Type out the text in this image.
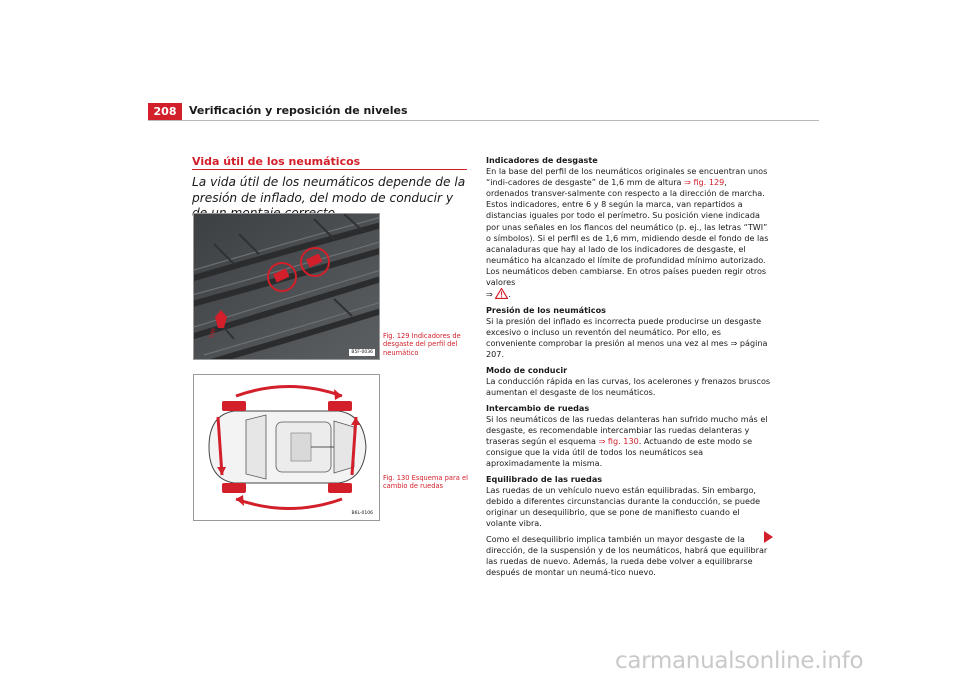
208	Verificación y reposición de niveles
Vida útil de los neumáticos
La vida útil de los neumáticos depende de la presión de inflado, del modo de conducir y
TWI
B5F-0036
Fig. 129 Indicadores de desgaste del perfil del neumático
B6L-0106
Fig. 130 Esquema para el cambio de ruedas

Indicadores de desgaste

En la base del perfil de los neumáticos originales se encuentran unos “indi-cadores de desgaste” de 1,6 mm de altura ⇒ fig. 129, ordenados transver-salmente con respecto a la dirección de marcha. Estos indicadores, entre 6 y 8 según la marca, van repartidos a distancias iguales por todo el perímetro. Su posición viene indicada por unas señales en los flancos del neumático (p. ej., las letras “TWI” o símbolos). Si el perfil es de 1,6 mm, midiendo desde el fondo de las acanaladuras que hay al lado de los indicadores de desgaste, el neumático ha alcanzado el límite de profundidad mínimo autorizado. Los neumáticos deben cambiarse. En otros países pueden regir otros valores
⇒ .

Presión de los neumáticos

Si la presión del inflado es incorrecta puede producirse un desgaste excesivo o incluso un reventón del neumático. Por ello, es conveniente comprobar la presión al menos una vez al mes ⇒ página 207.

Modo de conducir

La conducción rápida en las curvas, los acelerones y frenazos bruscos aumentan el desgaste de los neumáticos.

Intercambio de ruedas

Si los neumáticos de las ruedas delanteras han sufrido mucho más el desgaste, es recomendable intercambiar las ruedas delanteras y traseras según el esquema ⇒ fig. 130. Actuando de este modo se consigue que la vida útil de todos los neumáticos sea aproximadamente la misma.

Equilibrado de las ruedas

Las ruedas de un vehículo nuevo están equilibradas. Sin embargo, debido a diferentes circunstancias durante la conducción, se puede originar un desequilibrio, que se pone de manifiesto cuando el volante vibra.

Como el desequilibrio implica también un mayor desgaste de la dirección, de la suspensión y de los neumáticos, habrá que equilibrar las ruedas de nuevo. Además, la rueda debe volver a equilibrarse después de montar un neumá-tico nuevo.

carmanualsonline.info
